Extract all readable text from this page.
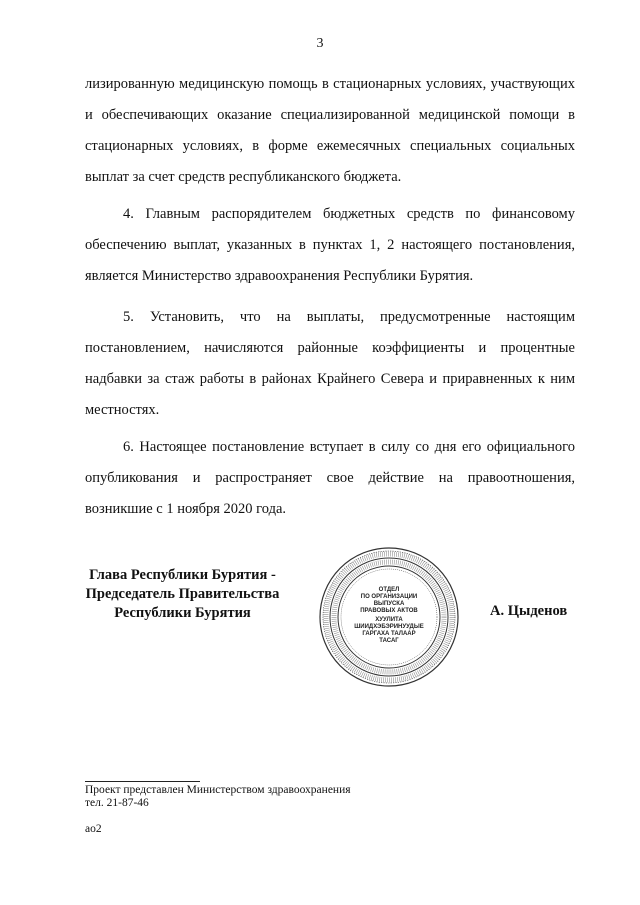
3
лизированную медицинскую помощь в стационарных условиях, участвующих и обеспечивающих оказание специализированной медицинской помощи в стационарных условиях, в форме ежемесячных специальных социальных выплат за счет средств республиканского бюджета.
4. Главным распорядителем бюджетных средств по финансовому обеспечению выплат, указанных в пунктах 1, 2 настоящего постановления, является Министерство здравоохранения Республики Бурятия.
5. Установить, что на выплаты, предусмотренные настоящим постановлением, начисляются районные коэффициенты и процентные надбавки за стаж работы в районах Крайнего Севера и приравненных к ним местностях.
6. Настоящее постановление вступает в силу со дня его официального опубликования и распространяет свое действие на правоотношения, возникшие с 1 ноября 2020 года.
Глава Республики Бурятия -
Председатель Правительства
Республики Бурятия
ОТДЕЛ
ПО ОРГАНИЗАЦИИ
ВЫПУСКА
ПРАВОВЫХ АКТОВ
ХУУЛИТА
ШИИДХЭБЭРИНУУДЫЕ
ГАРГАХА ТАЛААР
ТАСАГ
А. Цыденов
Проект представлен Министерством здравоохранения
тел. 21-87-46
ао2
